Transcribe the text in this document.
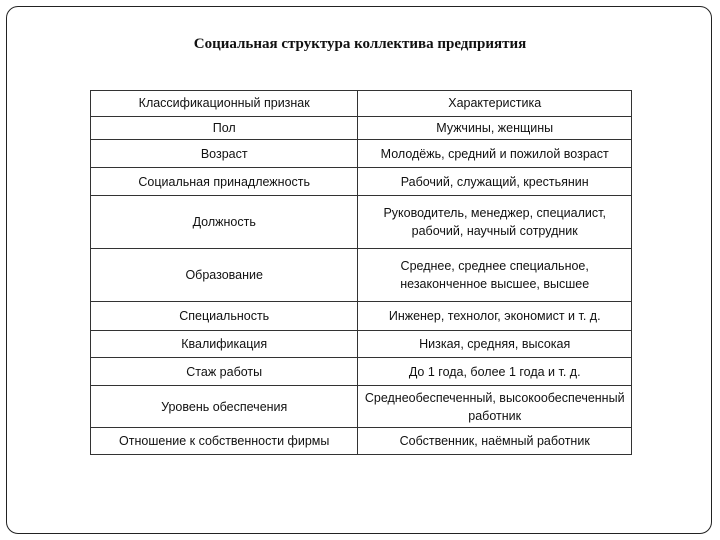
Социальная структура коллектива предприятия
Классификационный признак	Характеристика
Пол	Мужчины, женщины
Возраст	Молодёжь, средний и пожилой возраст
Социальная принадлежность	Рабочий, служащий, крестьянин
Должность	Руководитель, менеджер, специалист, рабочий, научный сотрудник
Образование	Среднее, среднее специальное, незаконченное высшее, высшее
Специальность	Инженер, технолог, экономист и т. д.
Квалификация	Низкая, средняя, высокая
Стаж работы	До 1 года, более 1 года и т. д.
Уровень обеспечения	Среднеобеспеченный, высокообеспеченный работник
Отношение к собственности фирмы	Собственник, наёмный работник
